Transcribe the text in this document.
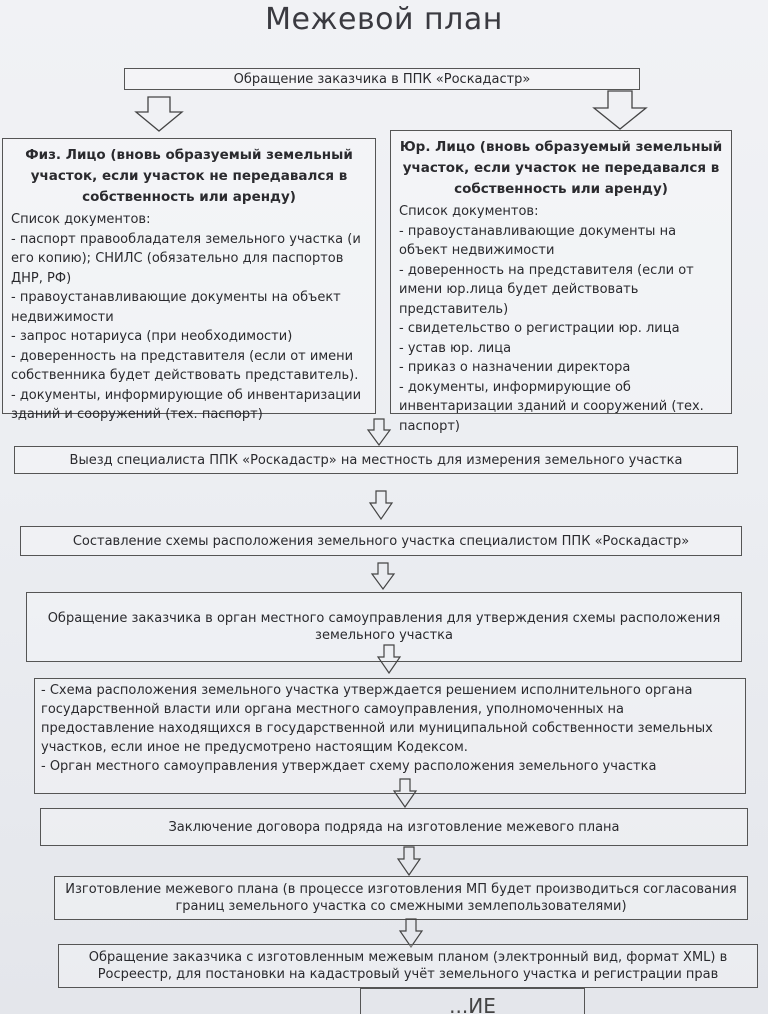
Межевой план
Обращение заказчика в ППК «Роскадастр»
Физ. Лицо (вновь образуемый земельный участок, если участок не передавался в собственность или аренду)
Список документов:
- паспорт правообладателя земельного участка (и его копию); СНИЛС (обязательно для паспортов ДНР, РФ)
- правоустанавливающие документы на объект недвижимости
- запрос нотариуса (при необходимости)
- доверенность на представителя (если от имени собственника будет действовать представитель).
- документы, информирующие об инвентаризации зданий и сооружений (тех. паспорт)
Юр. Лицо (вновь образуемый земельный участок, если участок не передавался в собственность или аренду)
Список документов:
- правоустанавливающие документы на объект недвижимости
- доверенность на представителя (если от имени юр.лица будет действовать представитель)
- свидетельство о регистрации юр. лица
- устав юр. лица
- приказ о назначении директора
- документы, информирующие об инвентаризации зданий и сооружений (тех. паспорт)
Выезд специалиста ППК «Роскадастр» на местность для измерения земельного участка
Составление схемы расположения земельного участка специалистом ППК «Роскадастр»
Обращение заказчика в орган местного самоуправления для утверждения схемы расположения земельного участка
- Схема расположения земельного участка утверждается решением исполнительного органа государственной власти или органа местного самоуправления, уполномоченных на предоставление находящихся в государственной или муниципальной собственности земельных участков, если иное не предусмотрено настоящим Кодексом.
- Орган местного самоуправления утверждает схему расположения земельного участка
Заключение договора подряда на изготовление межевого плана
Изготовление межевого плана (в процессе изготовления МП будет производиться согласования границ земельного участка со смежными землепользователями)
Обращение заказчика с изготовленным межевым планом (электронный вид, формат XML) в Росреестр, для постановки на кадастровый учёт земельного участка и регистрации прав
...ИЕ
